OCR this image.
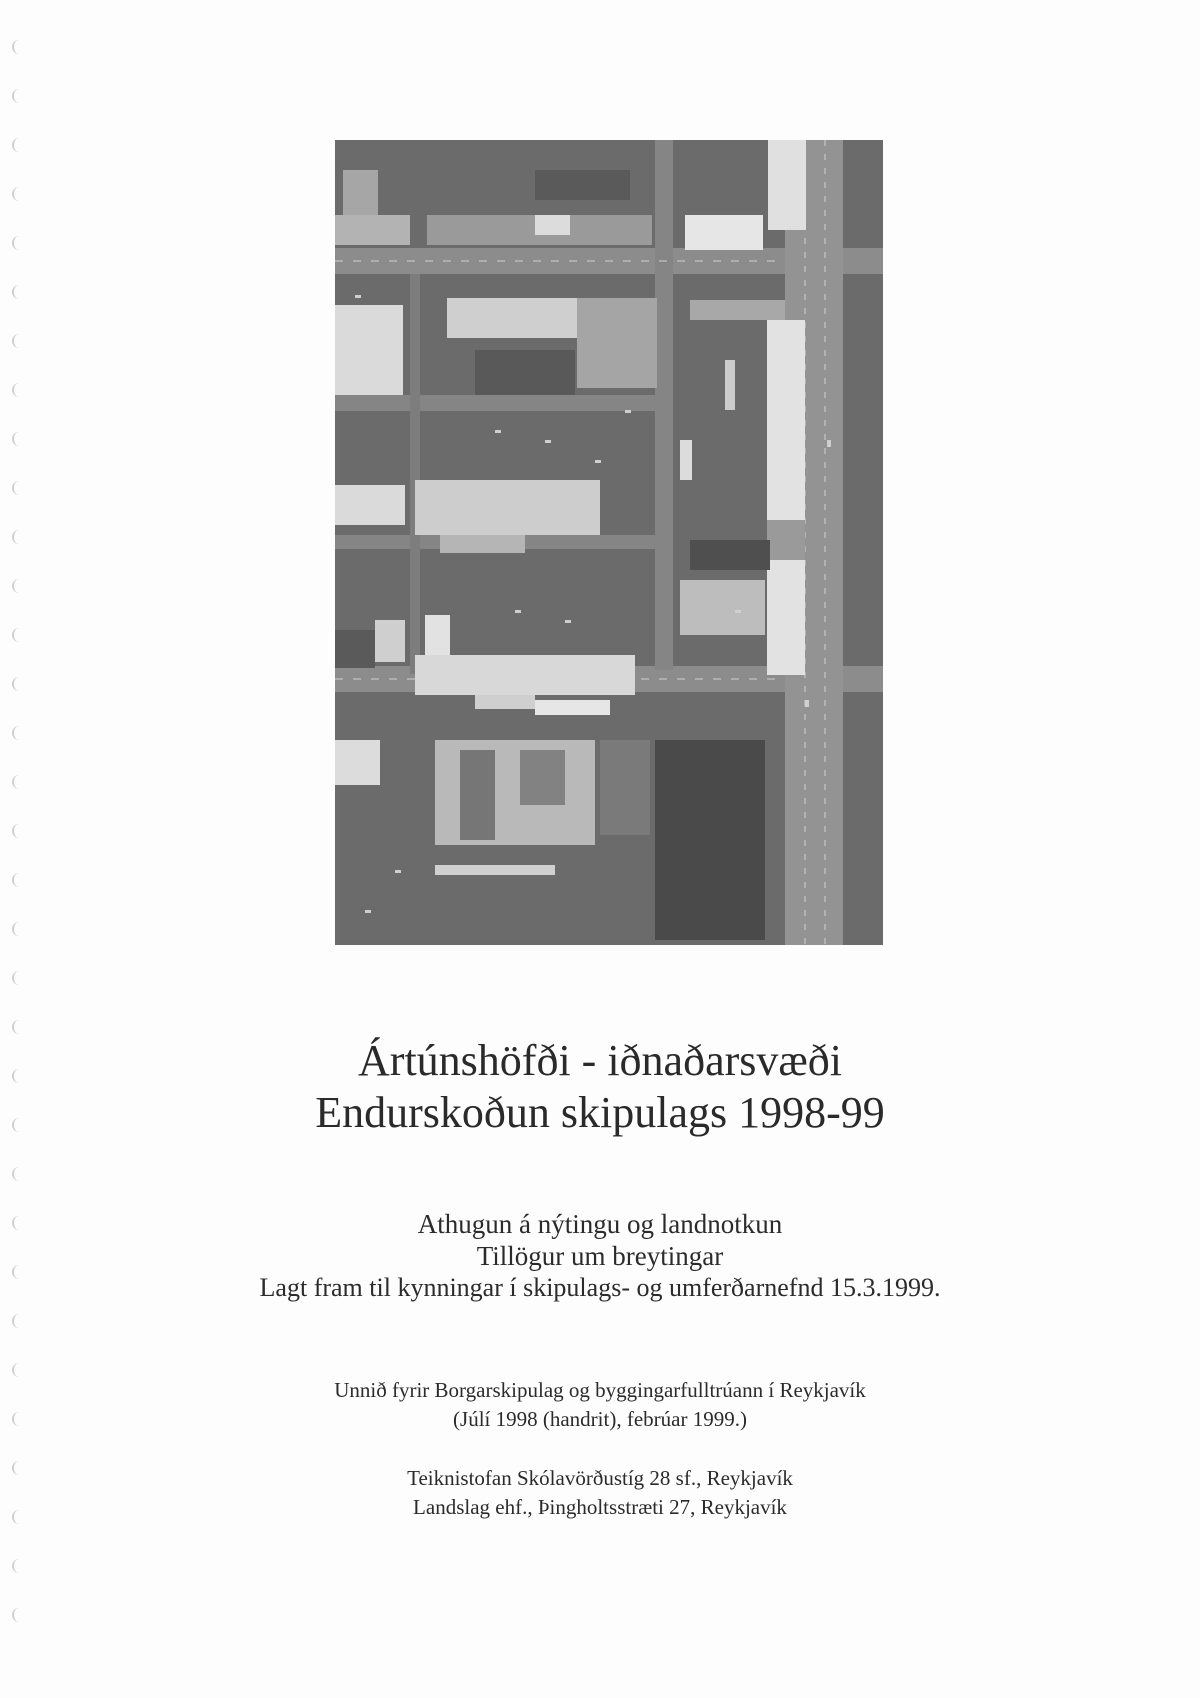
Ártúnshöfði - iðnaðarsvæði
Endurskoðun skipulags 1998-99
Athugun á nýtingu og landnotkun
Tillögur um breytingar
Lagt fram til kynningar í skipulags- og umferðarnefnd 15.3.1999.
Unnið fyrir Borgarskipulag og byggingarfulltrúann í Reykjavík
(Júlí 1998 (handrit), febrúar 1999.)
Teiknistofan Skólavörðustíg 28 sf., Reykjavík
Landslag ehf., Þingholtsstræti 27, Reykjavík
